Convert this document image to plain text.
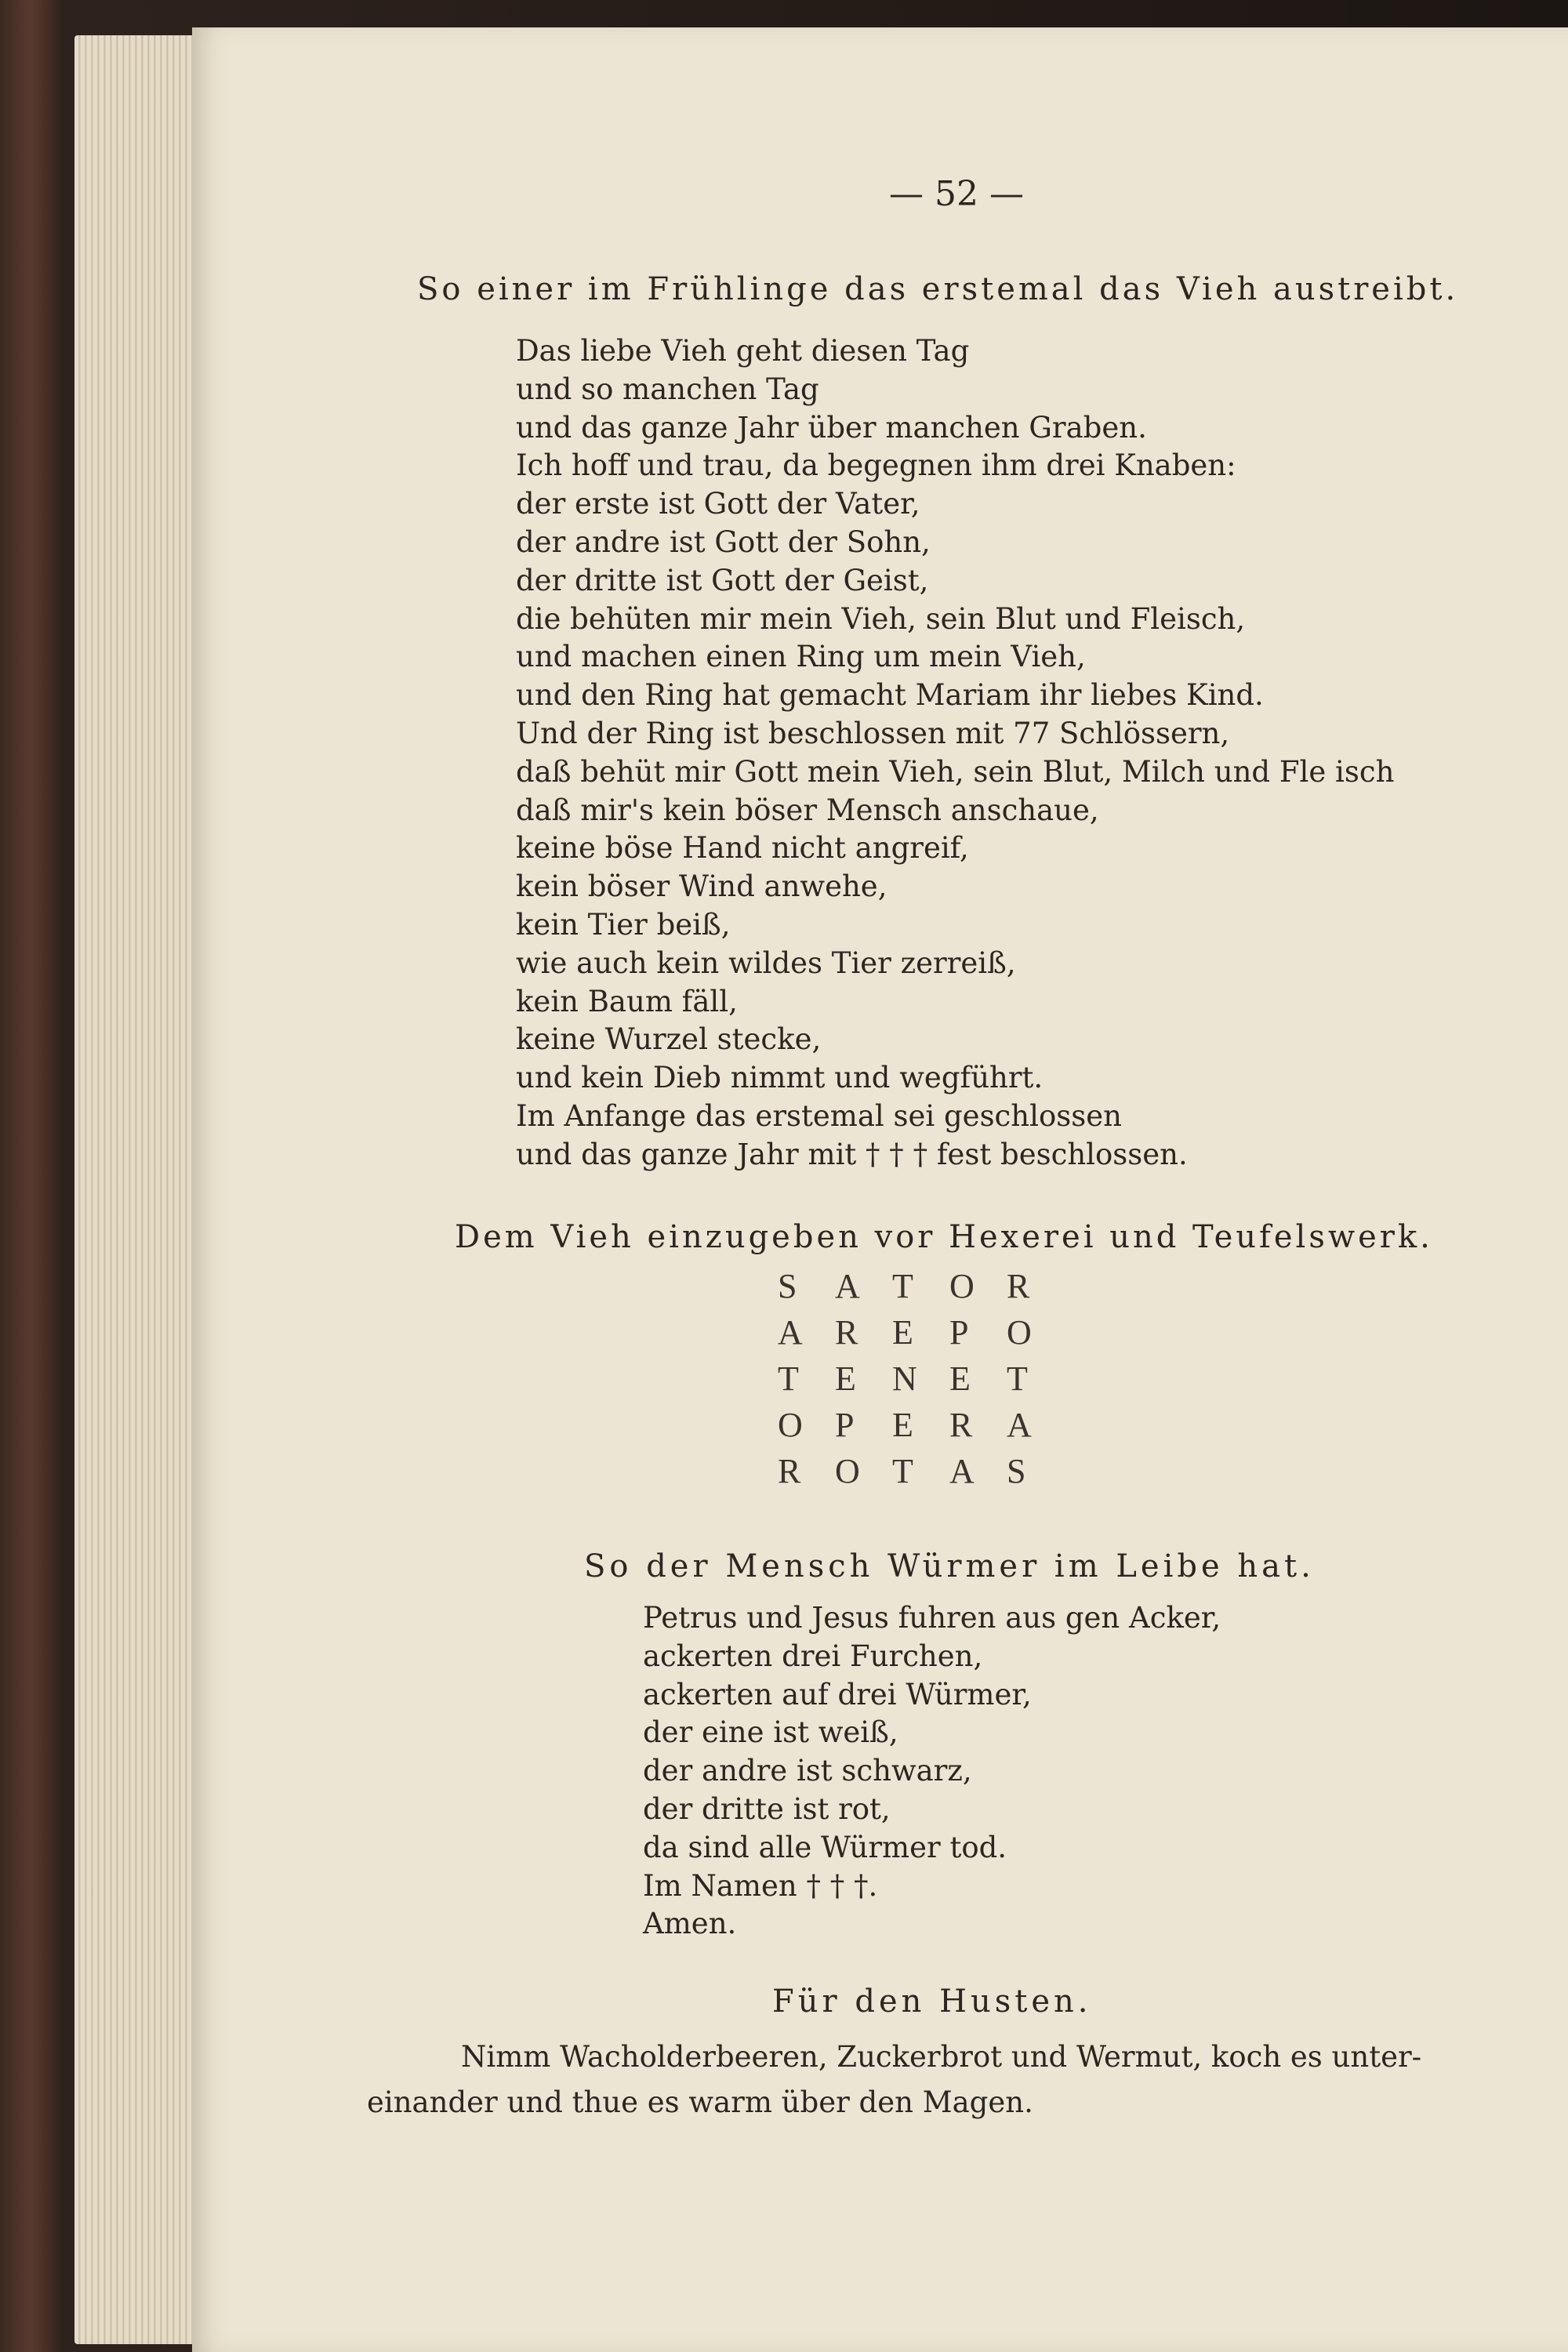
— 52 —
So einer im Frühlinge das erstemal das Vieh austreibt.
Das liebe Vieh geht diesen Tag
und so manchen Tag
und das ganze Jahr über manchen Graben.
Ich hoff und trau, da begegnen ihm drei Knaben:
der erste ist Gott der Vater,
der andre ist Gott der Sohn,
der dritte ist Gott der Geist,
die behüten mir mein Vieh, sein Blut und Fleisch,
und machen einen Ring um mein Vieh,
und den Ring hat gemacht Mariam ihr liebes Kind.
Und der Ring ist beschlossen mit 77 Schlössern,
daß behüt mir Gott mein Vieh, sein Blut, Milch und Fle isch
daß mir's kein böser Mensch anschaue,
keine böse Hand nicht angreif,
kein böser Wind anwehe,
kein Tier beiß,
wie auch kein wildes Tier zerreiß,
kein Baum fäll,
keine Wurzel stecke,
und kein Dieb nimmt und wegführt.
Im Anfange das erstemal sei geschlossen
und das ganze Jahr mit † † † fest beschlossen.
Dem Vieh einzugeben vor Hexerei und Teufelswerk.
S	A T	O R
A R E	P	O
T	E	N E	T
O P	E	R A
R O T	A S
So der Mensch Würmer im Leibe hat.
Petrus und Jesus fuhren aus gen Acker,
ackerten drei Furchen,
ackerten auf drei Würmer,
der eine ist weiß,
der andre ist schwarz,
der dritte ist rot,
da sind alle Würmer tod.
Im Namen † † †.
Amen.
Für den Husten.
Nimm Wacholderbeeren, Zuckerbrot und Wermut, koch es unter-
einander und thue es warm über den Magen.
